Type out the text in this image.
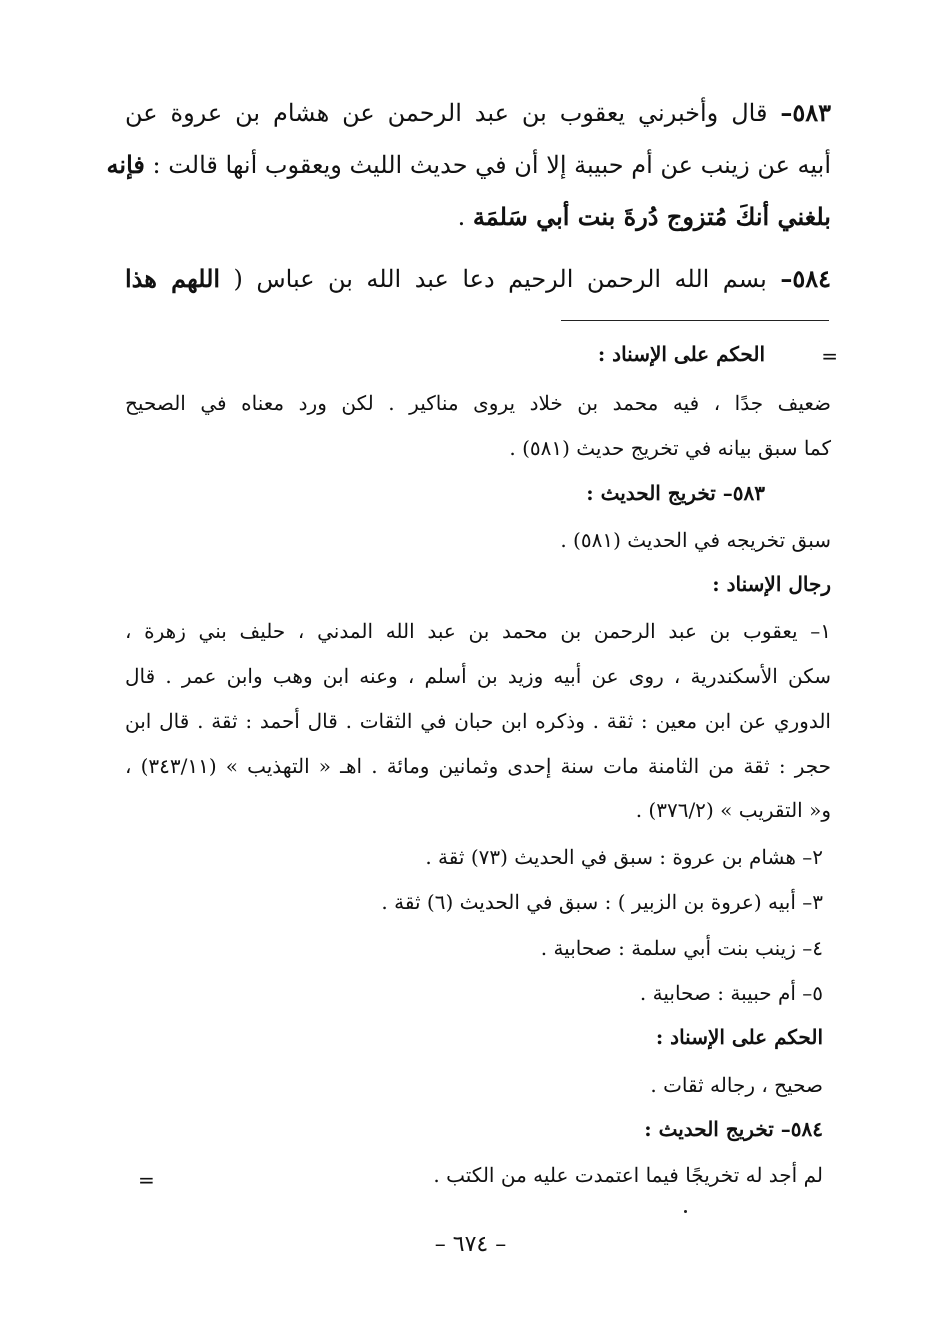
٥٨٣– قال وأخبرني يعقوب بن عبد الرحمن عن هشام بن عروة عن
أبيه عن زينب عن أم حبيبة إلا أن في حديث الليث ويعقوب أنها قالت : فإنه
بلغني أنكَ مُتزوج دُرةَ بنت أبي سَلمَة .
٥٨٤– بسم الله الرحمن الرحيم دعا عبد الله بن عباس ( اللهم هذا
=
الحكم على الإسناد :
ضعيف جدًا ، فيه محمد بن خلاد يروى مناكير . لكن ورد معناه في الصحيح
كما سبق بيانه في تخريج حديث (٥٨١) .
٥٨٣– تخريج الحديث :
سبق تخريجه في الحديث (٥٨١) .
رجال الإسناد :
١– يعقوب بن عبد الرحمن بن محمد بن عبد الله المدني ، حليف بني زهرة ،
سكن الأسكندرية ، روى عن أبيه وزيد بن أسلم ، وعنه ابن وهب وابن عمر . قال
الدوري عن ابن معين : ثقة . وذكره ابن حبان في الثقات . قال أحمد : ثقة . قال ابن
حجر : ثقة من الثامنة مات سنة إحدى وثمانين ومائة . اهـ « التهذيب » (٣٤٣/١١) ،
و« التقريب » (٣٧٦/٢) .
٢– هشام بن عروة : سبق في الحديث (٧٣) ثقة .
٣– أبيه (عروة بن الزبير ) : سبق في الحديث (٦) ثقة .
٤– زينب بنت أبي سلمة : صحابية .
٥– أم حبيبة : صحابية .
الحكم على الإسناد :
صحيح ، رجاله ثقات .
٥٨٤– تخريج الحديث :
لم أجد له تخريجًا فيما اعتمدت عليه من الكتب .
=
– ٦٧٤ –
